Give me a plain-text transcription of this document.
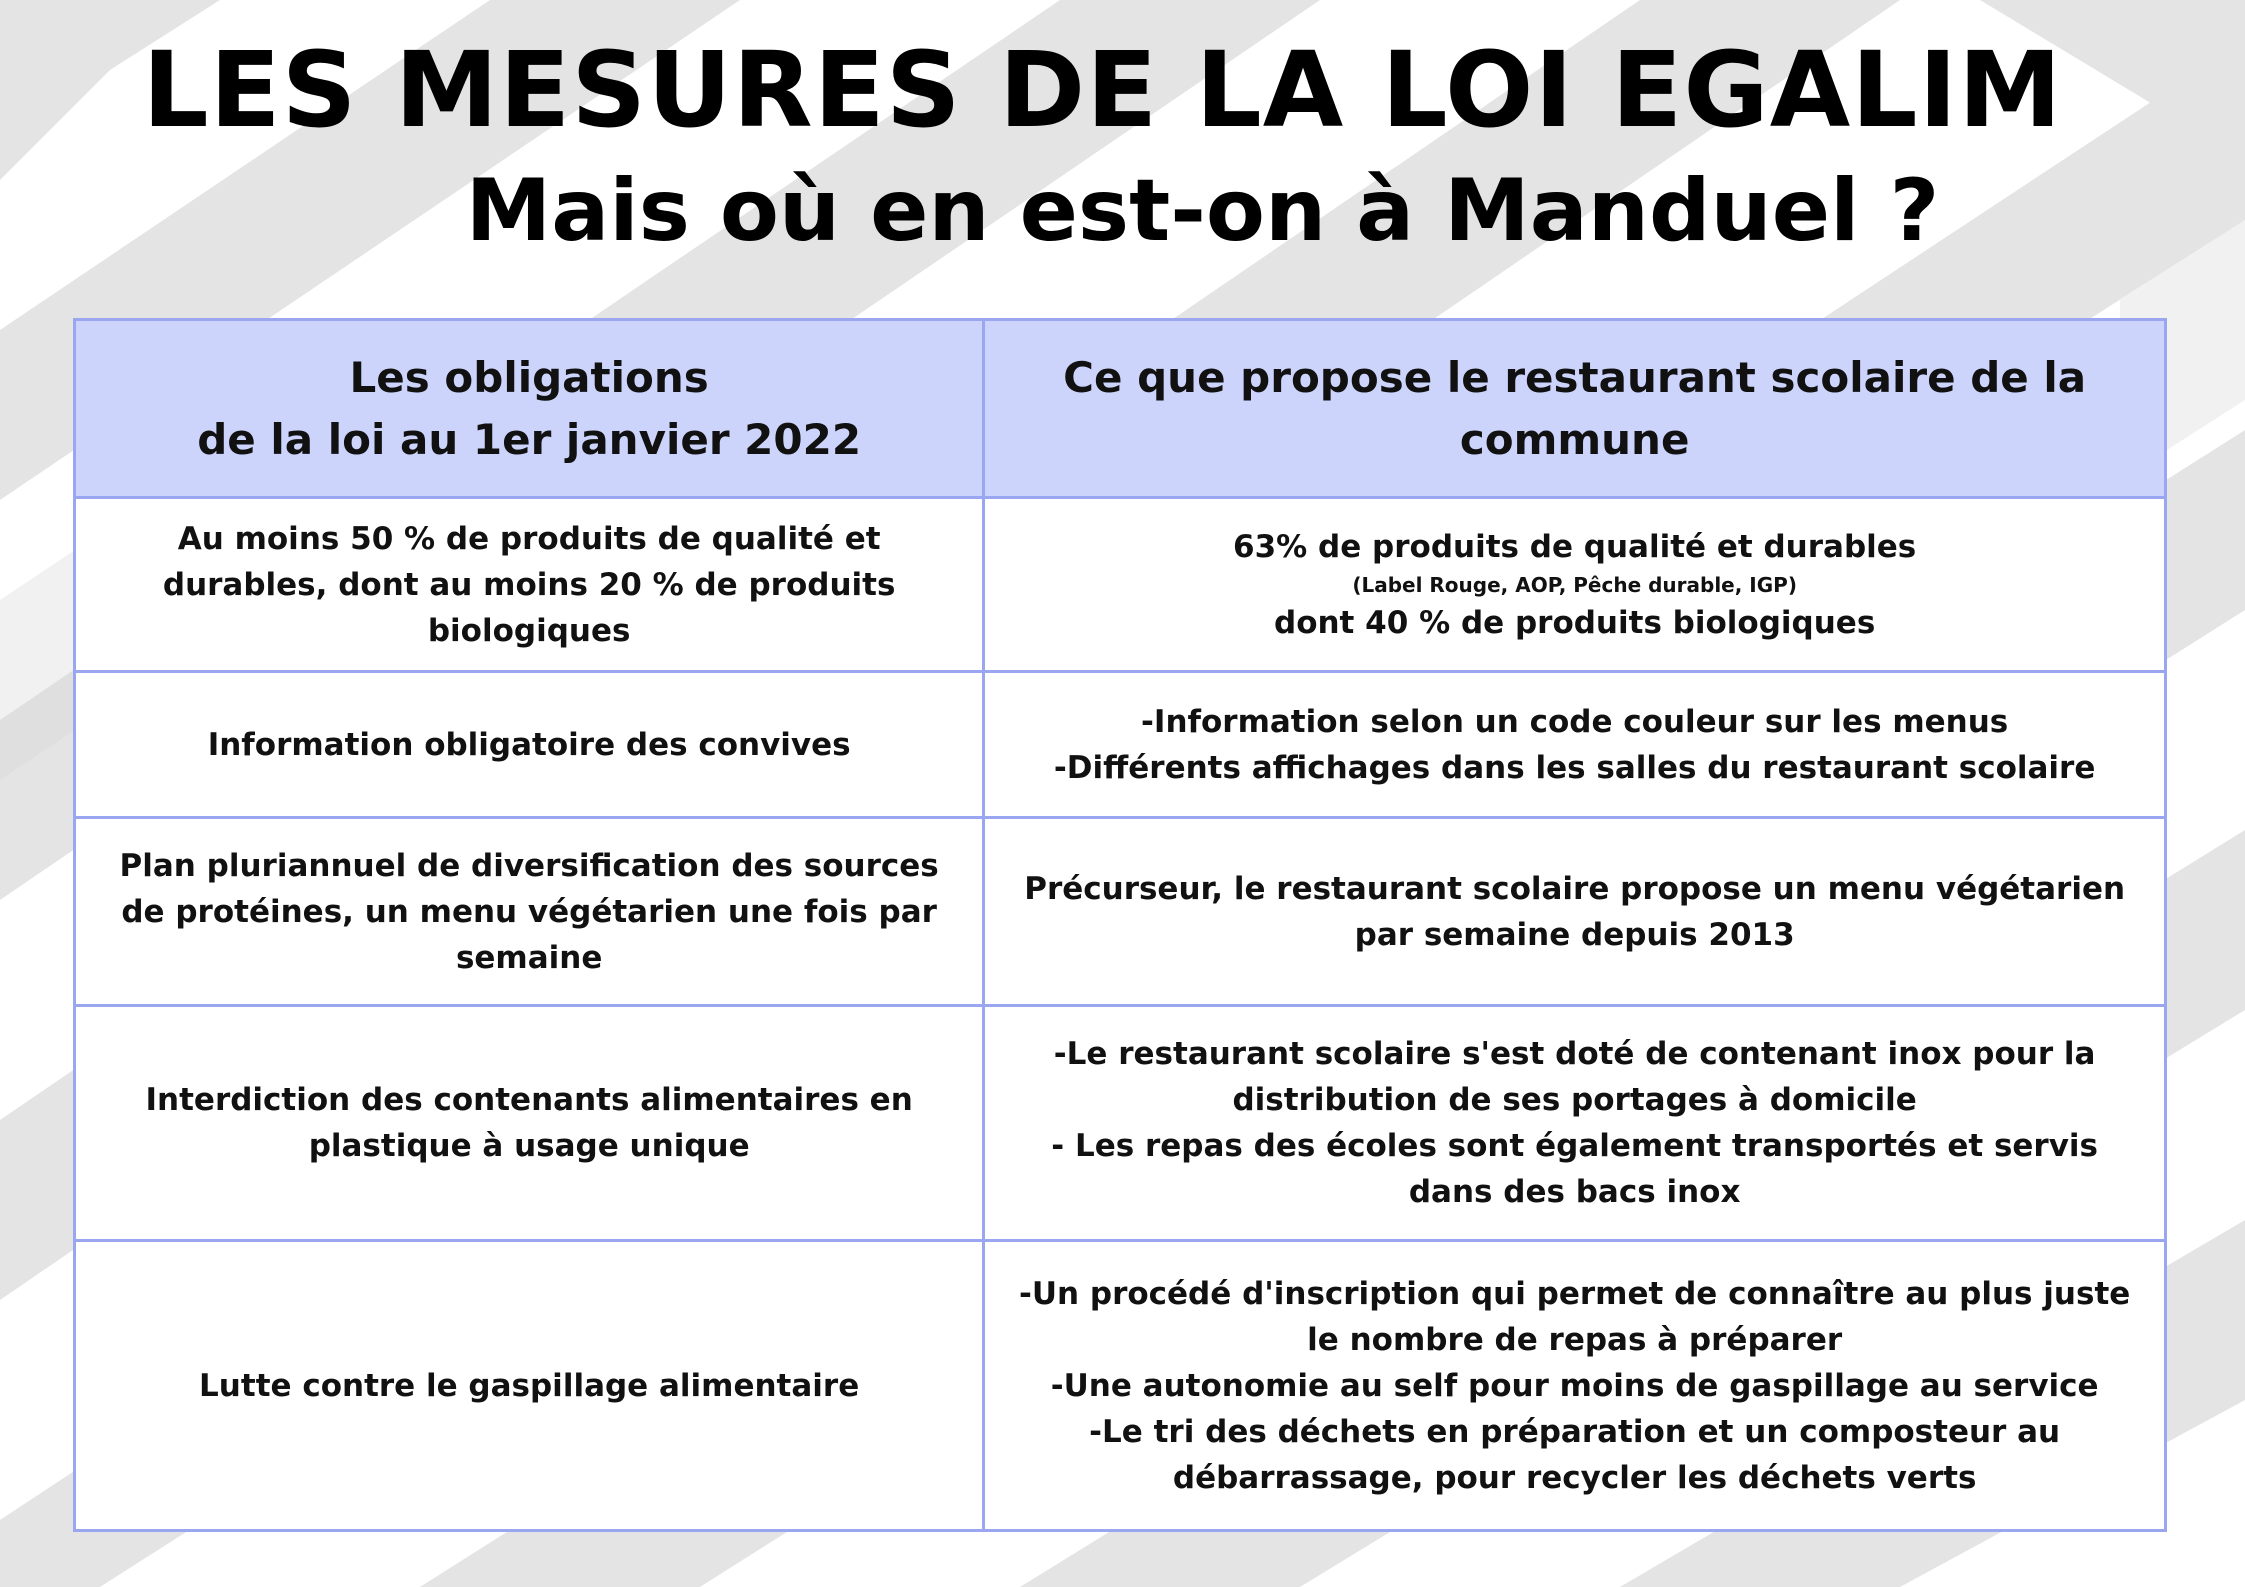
LES MESURES DE LA LOI EGALIM
Mais où en est-on à Manduel ?
Les obligations
de la loi au 1er janvier 2022	Ce que propose le restaurant scolaire de la commune

Au moins 50 % de produits de qualité et durables, dont au moins 20 % de produits biologiques	63% de produits de qualité et durables
(Label Rouge, AOP, Pêche durable, IGP)
dont 40 % de produits biologiques

Information obligatoire des convives	-Information selon un code couleur sur les menus
-Différents affichages dans les salles du restaurant scolaire

Plan pluriannuel de diversification des sources de protéines, un menu végétarien une fois par semaine	Précurseur, le restaurant scolaire propose un menu végétarien par semaine depuis 2013

Interdiction des contenants alimentaires en plastique à usage unique	-Le restaurant scolaire s'est doté de contenant inox pour la distribution de ses portages à domicile
- Les repas des écoles sont également transportés et servis dans des bacs inox

Lutte contre le gaspillage alimentaire	-Un procédé d'inscription qui permet de connaître au plus juste le nombre de repas à préparer
-Une autonomie au self pour moins de gaspillage au service
-Le tri des déchets en préparation et un composteur au débarrassage, pour recycler les déchets verts
